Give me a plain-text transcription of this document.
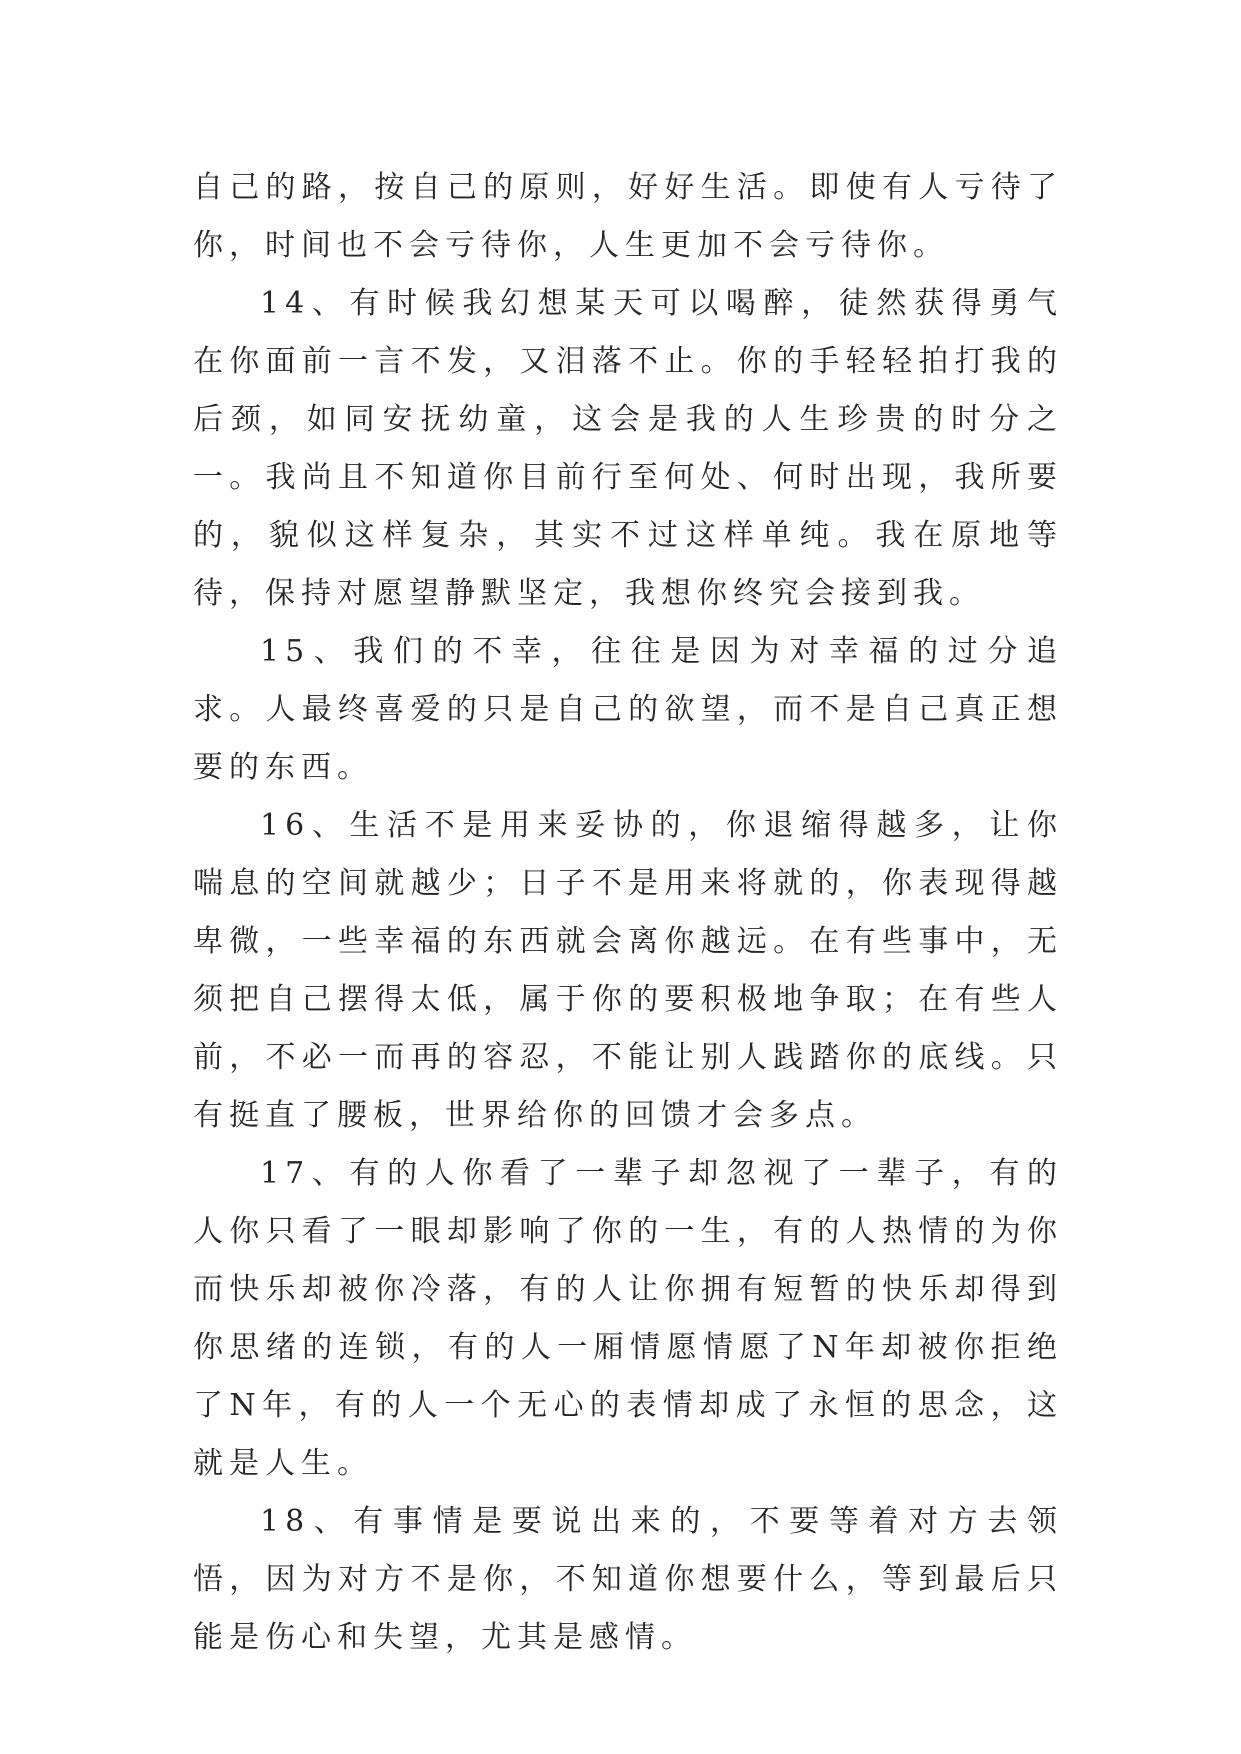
自己的路，按自己的原则，好好生活。即使有人亏待了你，时间也不会亏待你，人生更加不会亏待你。

14、有时候我幻想某天可以喝醉，徒然获得勇气在你面前一言不发，又泪落不止。你的手轻轻拍打我的后颈，如同安抚幼童，这会是我的人生珍贵的时分之一。我尚且不知道你目前行至何处、何时出现，我所要的，貌似这样复杂，其实不过这样单纯。我在原地等待，保持对愿望静默坚定，我想你终究会接到我。

15、我们的不幸，往往是因为对幸福的过分追求。人最终喜爱的只是自己的欲望，而不是自己真正想要的东西。

16、生活不是用来妥协的，你退缩得越多，让你喘息的空间就越少；日子不是用来将就的，你表现得越卑微，一些幸福的东西就会离你越远。在有些事中，无须把自己摆得太低，属于你的要积极地争取；在有些人前，不必一而再的容忍，不能让别人践踏你的底线。只有挺直了腰板，世界给你的回馈才会多点。

17、有的人你看了一辈子却忽视了一辈子，有的人你只看了一眼却影响了你的一生，有的人热情的为你而快乐却被你冷落，有的人让你拥有短暂的快乐却得到你思绪的连锁，有的人一厢情愿情愿了N年却被你拒绝了N年，有的人一个无心的表情却成了永恒的思念，这就是人生。

18、有事情是要说出来的，不要等着对方去领悟，因为对方不是你，不知道你想要什么，等到最后只能是伤心和失望，尤其是感情。
